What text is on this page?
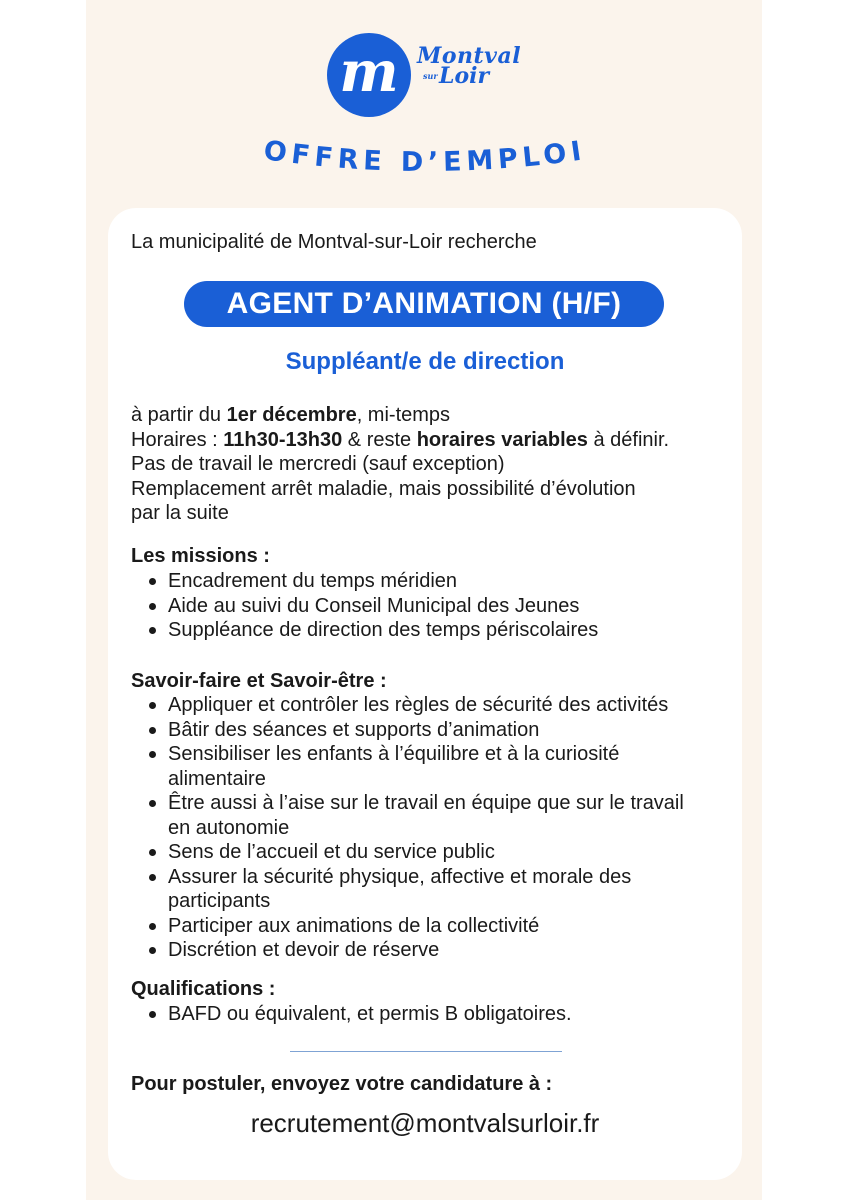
m Montval
sur Loir
OFFRE D’EMPLOI
La municipalité de Montval-sur-Loir recherche
AGENT D’ANIMATION (H/F)
Suppléant/e de direction
à partir du 1er décembre, mi-temps
Horaires : 11h30-13h30 & reste horaires variables à définir.
Pas de travail le mercredi (sauf exception)
Remplacement arrêt maladie, mais possibilité d’évolution
par la suite
Les missions :
Encadrement du temps méridien
Aide au suivi du Conseil Municipal des Jeunes
Suppléance de direction des temps périscolaires
Savoir-faire et Savoir-être :
Appliquer et contrôler les règles de sécurité des activités
Bâtir des séances et supports d’animation
Sensibiliser les enfants à l’équilibre et à la curiosité
alimentaire
Être aussi à l’aise sur le travail en équipe que sur le travail
en autonomie
Sens de l’accueil et du service public
Assurer la sécurité physique, affective et morale des
participants
Participer aux animations de la collectivité
Discrétion et devoir de réserve
Qualifications :
BAFD ou équivalent, et permis B obligatoires.
Pour postuler, envoyez votre candidature à :
recrutement@montvalsurloir.fr
